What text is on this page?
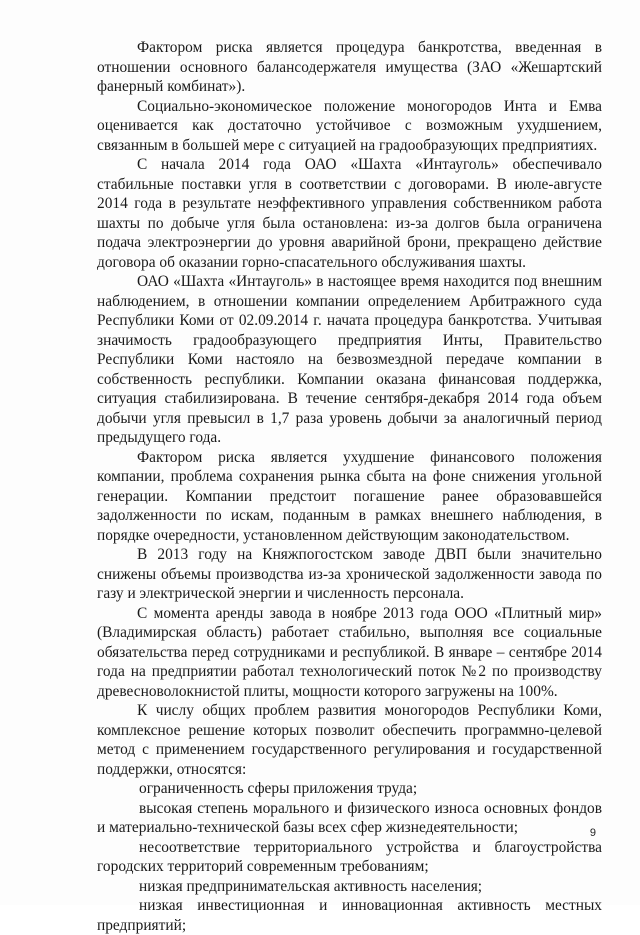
Фактором риска является процедура банкротства, введенная в отношении основного балансодержателя имущества (ЗАО «Жешартский фанерный комбинат»).

Социально-экономическое положение моногородов Инта и Емва оценивается как достаточно устойчивое с возможным ухудшением, связанным в большей мере с ситуацией на градообразующих предприятиях.

С начала 2014 года ОАО «Шахта «Интауголь» обеспечивало стабильные поставки угля в соответствии с договорами. В июле-августе 2014 года в результате неэффективного управления собственником работа шахты по добыче угля была остановлена: из-за долгов была ограничена подача электроэнергии до уровня аварийной брони, прекращено действие договора об оказании горно-спасательного обслуживания шахты.

ОАО «Шахта «Интауголь» в настоящее время находится под внешним наблюдением, в отношении компании определением Арбитражного суда Республики Коми от 02.09.2014 г. начата процедура банкротства. Учитывая значимость градообразующего предприятия Инты, Правительство Республики Коми настояло на безвозмездной передаче компании в собственность республики. Компании оказана финансовая поддержка, ситуация стабилизирована. В течение сентября-декабря 2014 года объем добычи угля превысил в 1,7 раза уровень добычи за аналогичный период предыдущего года.

Фактором риска является ухудшение финансового положения компании, проблема сохранения рынка сбыта на фоне снижения угольной генерации. Компании предстоит погашение ранее образовавшейся задолженности по искам, поданным в рамках внешнего наблюдения, в порядке очередности, установленном действующим законодательством.

В 2013 году на Княжпогостском заводе ДВП были значительно снижены объемы производства из-за хронической задолженности завода по газу и электрической энергии и численность персонала.

С момента аренды завода в ноябре 2013 года ООО «Плитный мир» (Владимирская область) работает стабильно, выполняя все социальные обязательства перед сотрудниками и республикой. В январе – сентябре 2014 года на предприятии работал технологический поток №2 по производству древесноволокнистой плиты, мощности которого загружены на 100%.

К числу общих проблем развития моногородов Республики Коми, комплексное решение которых позволит обеспечить программно-целевой метод с применением государственного регулирования и государственной поддержки, относятся:

ограниченность сферы приложения труда;

высокая степень морального и физического износа основных фондов и материально-технической базы всех сфер жизнедеятельности;

несоответствие территориального устройства и благоустройства городских территорий современным требованиям;

низкая предпринимательская активность населения;

низкая инвестиционная и инновационная активность местных предприятий;

9
